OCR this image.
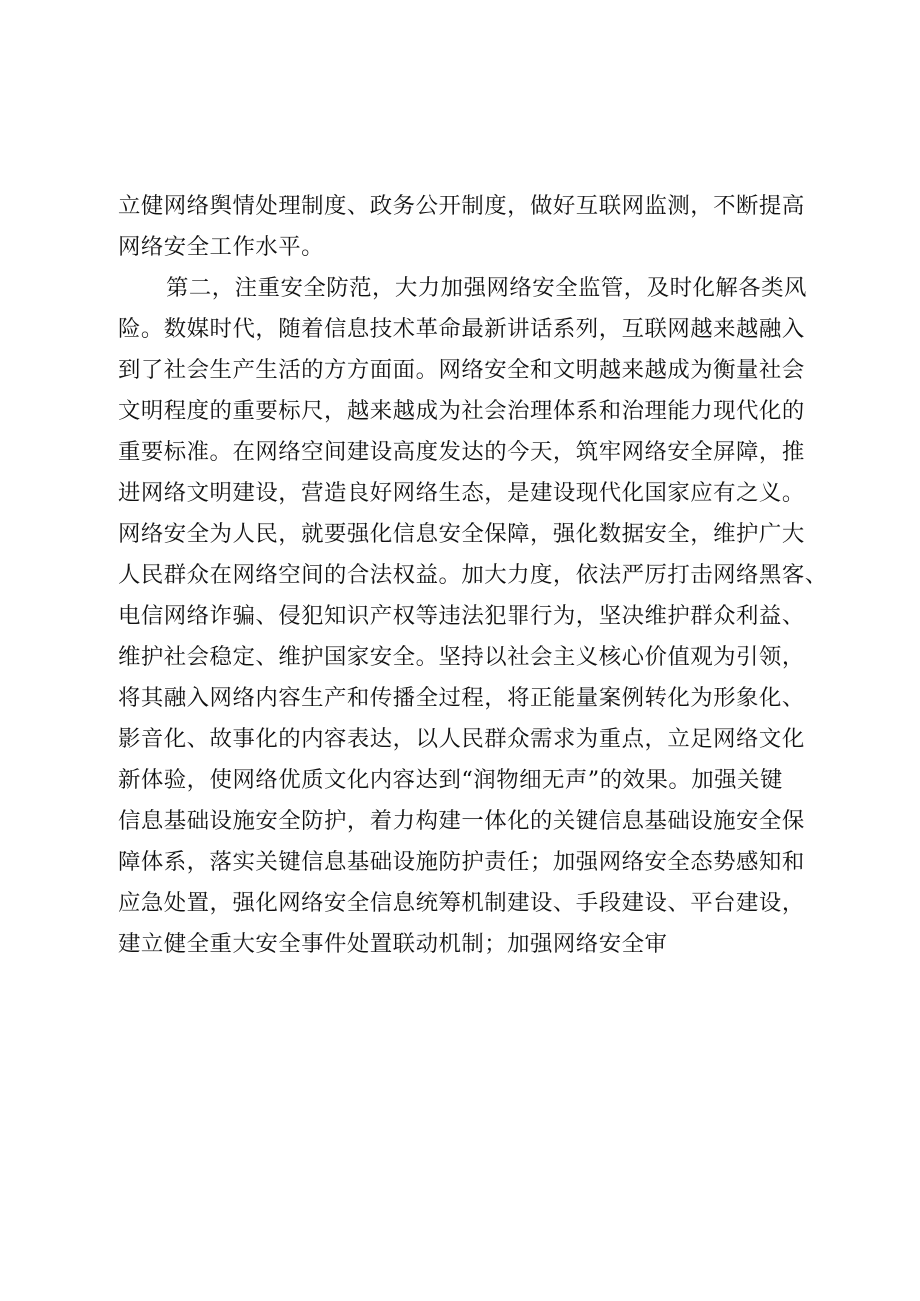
立健网络舆情处理制度、政务公开制度，做好互联网监测，不断提高
网络安全工作水平。
第二，注重安全防范，大力加强网络安全监管，及时化解各类风
险。数媒时代，随着信息技术革命最新讲话系列，互联网越来越融入
到了社会生产生活的方方面面。网络安全和文明越来越成为衡量社会
文明程度的重要标尺，越来越成为社会治理体系和治理能力现代化的
重要标准。在网络空间建设高度发达的今天，筑牢网络安全屏障，推
进网络文明建设，营造良好网络生态，是建设现代化国家应有之义。
网络安全为人民，就要强化信息安全保障，强化数据安全，维护广大
人民群众在网络空间的合法权益。加大力度，依法严厉打击网络黑客、
电信网络诈骗、侵犯知识产权等违法犯罪行为，坚决维护群众利益、
维护社会稳定、维护国家安全。坚持以社会主义核心价值观为引领，
将其融入网络内容生产和传播全过程，将正能量案例转化为形象化、
影音化、故事化的内容表达，以人民群众需求为重点，立足网络文化
新体验，使网络优质文化内容达到“润物细无声”的效果。加强关键
信息基础设施安全防护，着力构建一体化的关键信息基础设施安全保
障体系，落实关键信息基础设施防护责任；加强网络安全态势感知和
应急处置，强化网络安全信息统筹机制建设、手段建设、平台建设，
建立健全重大安全事件处置联动机制；加强网络安全审
